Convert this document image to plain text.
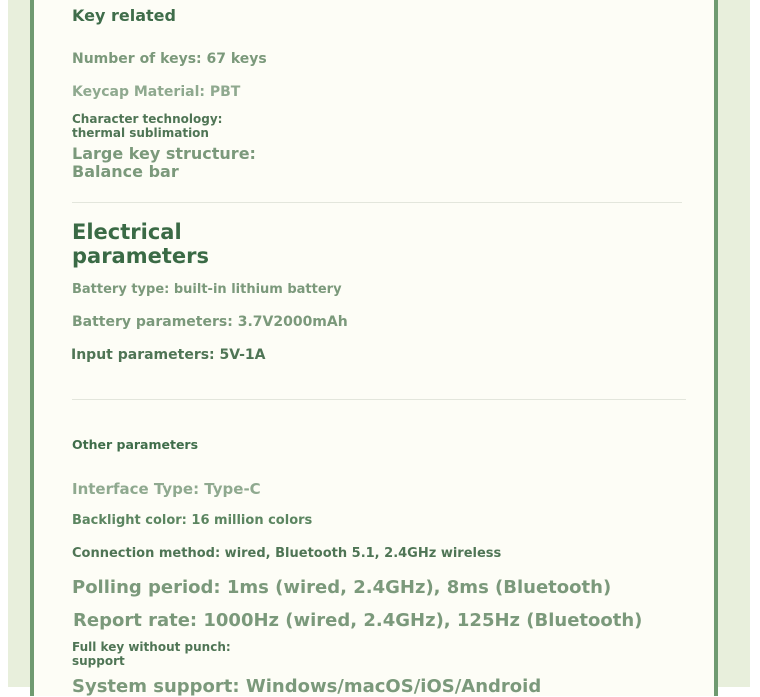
Key related

Number of keys: 67 keys

Keycap Material: PBT

Character technology:

thermal sublimation

Large key structure:

Balance bar

Electrical
parameters

Battery type: built-in lithium battery

Battery parameters: 3.7V2000mAh

Input parameters: 5V-1A

Other parameters

Interface Type: Type-C

Backlight color: 16 million colors

Connection method: wired, Bluetooth 5.1, 2.4GHz wireless

Polling period: 1ms (wired, 2.4GHz), 8ms (Bluetooth)

Report rate: 1000Hz (wired, 2.4GHz), 125Hz (Bluetooth)

Full key without punch:

support

System support: Windows/macOS/iOS/Android
